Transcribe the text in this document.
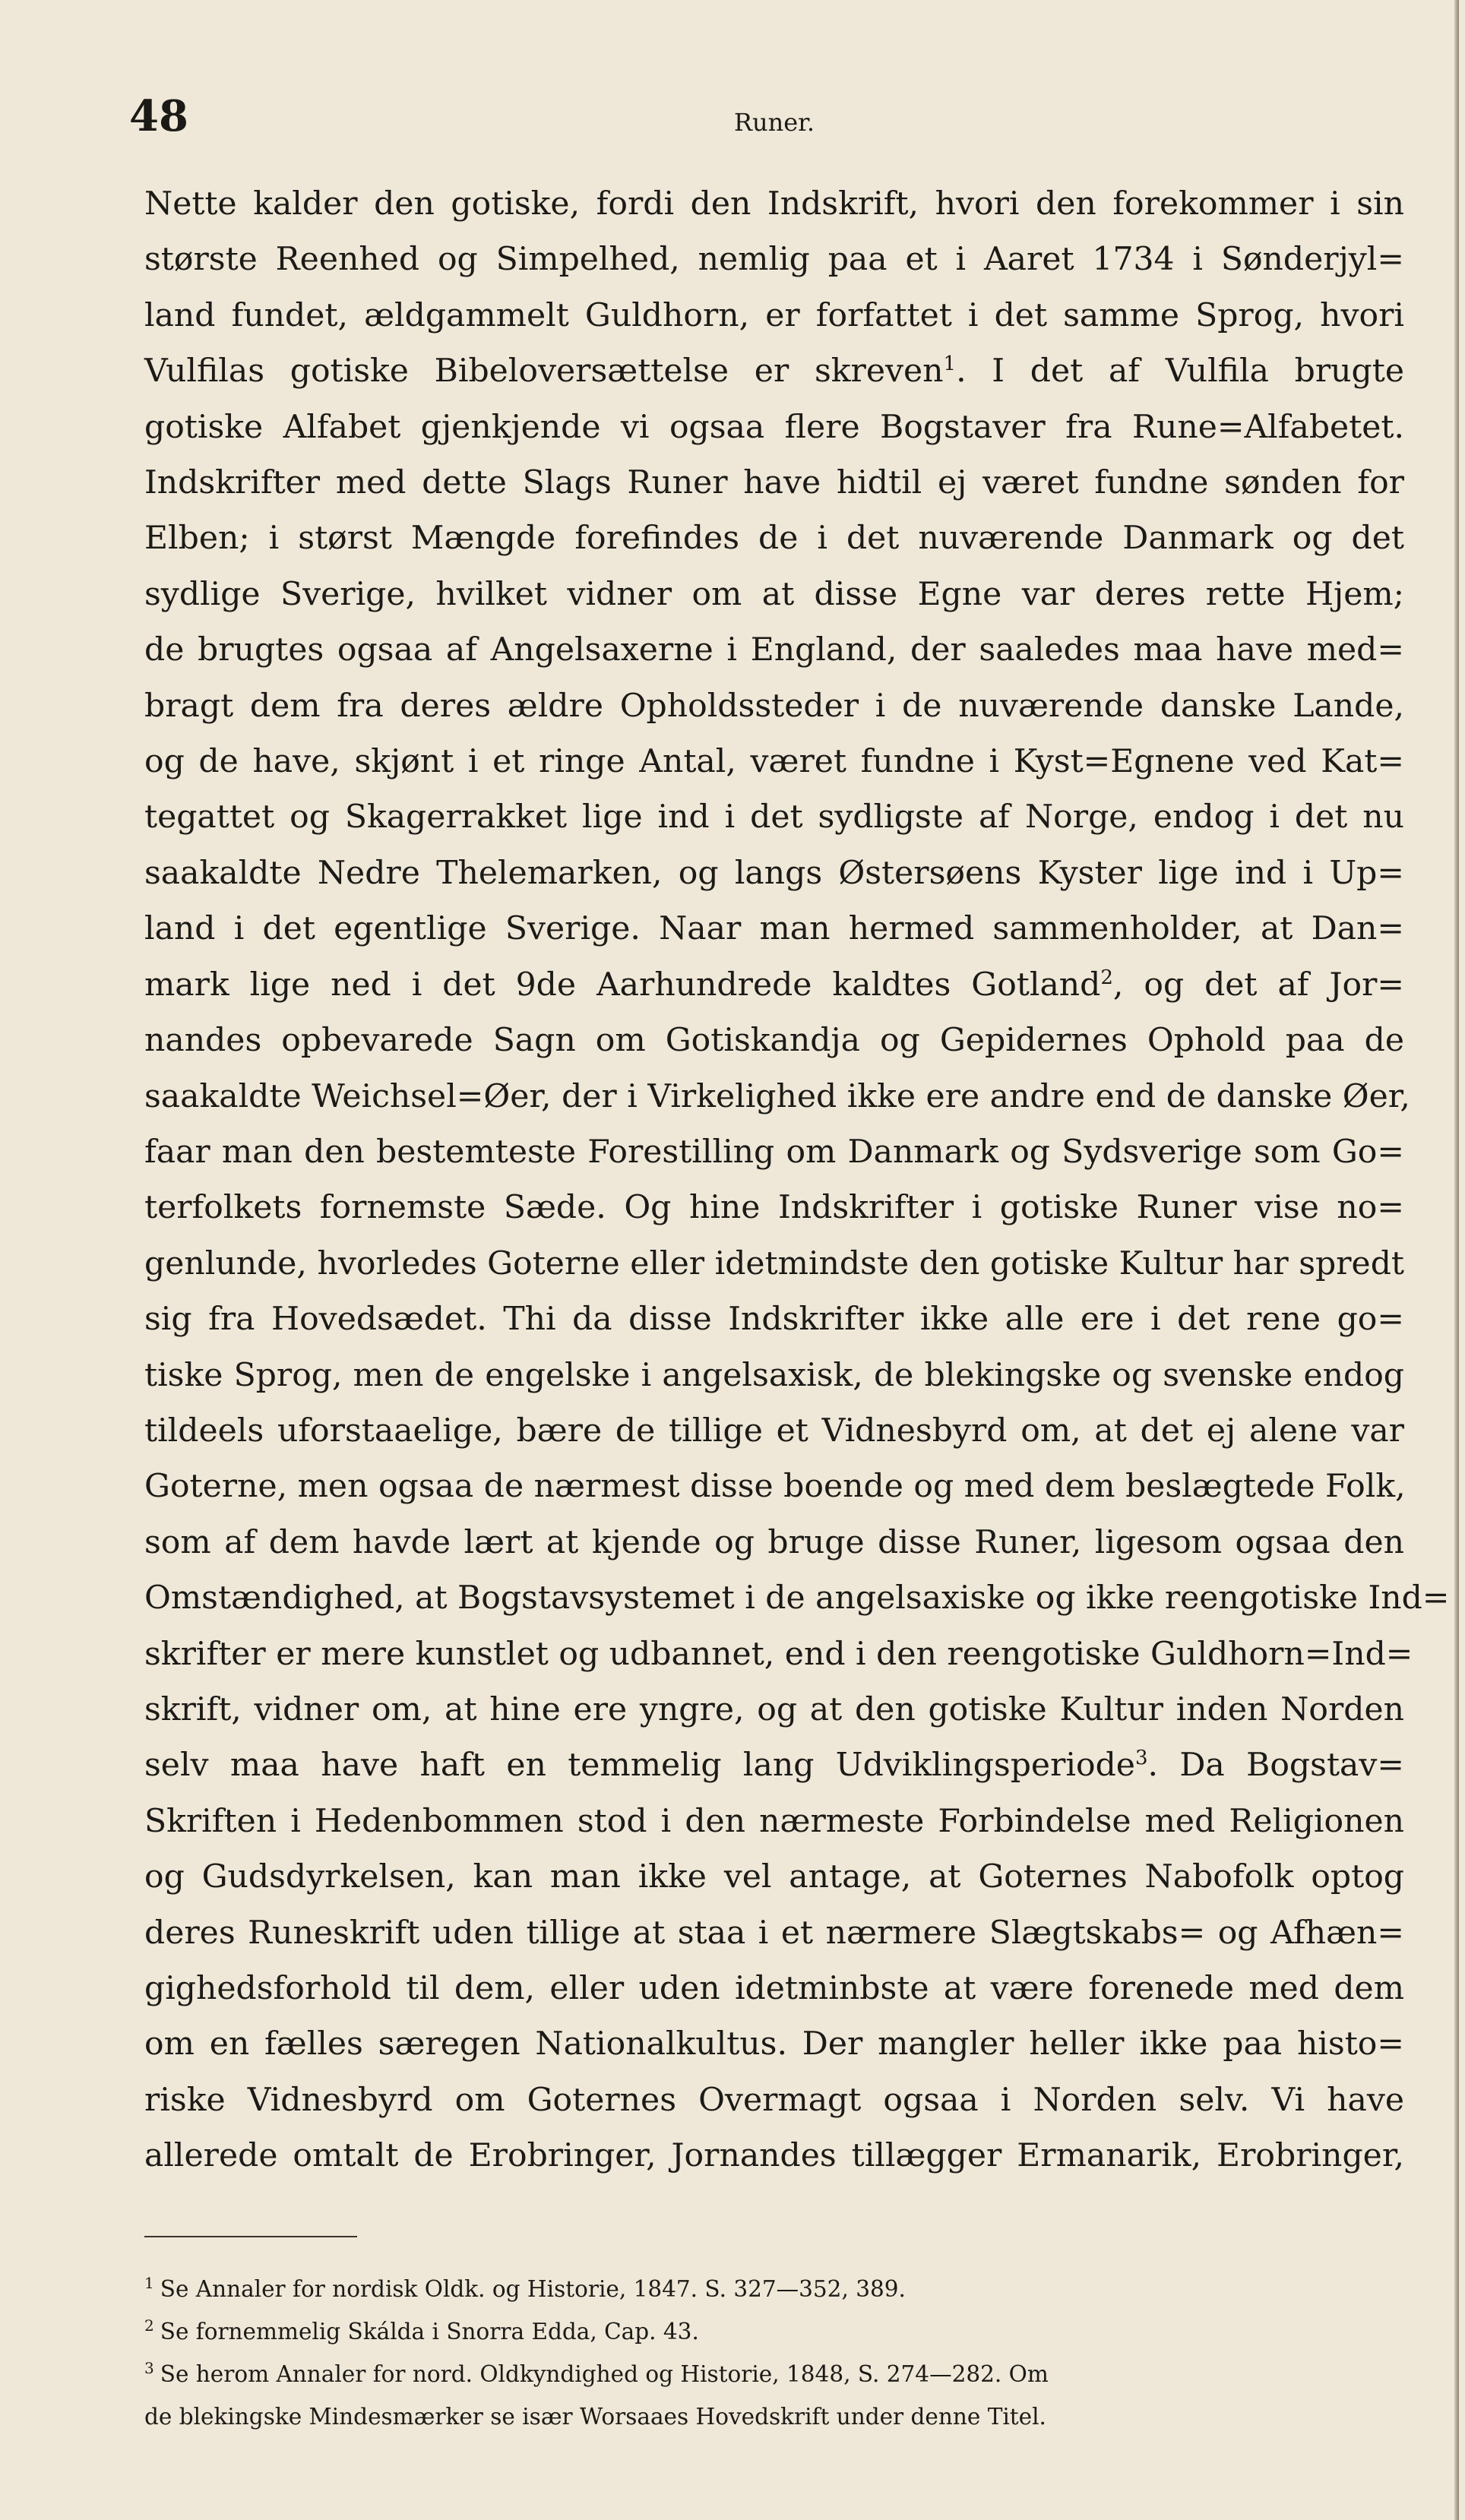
48	Runer.

Nette kalder den gotiske, fordi den Indskrift, hvori den forekommer i sin

største Reenhed og Simpelhed, nemlig paa et i Aaret 1734 i Sønderjyl=

land fundet, ældgammelt Guldhorn, er forfattet i det samme Sprog, hvori

Vulfilas gotiske Bibeloversættelse er skreven$^1$. I det af Vulfila brugte

gotiske Alfabet gjenkjende vi ogsaa flere Bogstaver fra Rune=Alfabetet.

Indskrifter med dette Slags Runer have hidtil ej været fundne sønden for

Elben; i størst Mængde forefindes de i det nuværende Danmark og det

sydlige Sverige, hvilket vidner om at disse Egne var deres rette Hjem;

de brugtes ogsaa af Angelsaxerne i England, der saaledes maa have med=

bragt dem fra deres ældre Opholdssteder i de nuværende danske Lande,

og de have, skjønt i et ringe Antal, været fundne i Kyst=Egnene ved Kat=

tegattet og Skagerrakket lige ind i det sydligste af Norge, endog i det nu

saakaldte Nedre Thelemarken, og langs Østersøens Kyster lige ind i Up=

land i det egentlige Sverige. Naar man hermed sammenholder, at Dan=

mark lige ned i det 9de Aarhundrede kaldtes Gotland$^2$, og det af Jor=

nandes opbevarede Sagn om Gotiskandja og Gepidernes Ophold paa de

saakaldte Weichsel=Øer, der i Virkelighed ikke ere andre end de danske Øer,

faar man den bestemteste Forestilling om Danmark og Sydsverige som Go=

terfolkets fornemste Sæde. Og hine Indskrifter i gotiske Runer vise no=

genlunde, hvorledes Goterne eller idetmindste den gotiske Kultur har spredt

sig fra Hovedsædet. Thi da disse Indskrifter ikke alle ere i det rene go=

tiske Sprog, men de engelske i angelsaxisk, de blekingske og svenske endog

tildeels uforstaaelige, bære de tillige et Vidnesbyrd om, at det ej alene var

Goterne, men ogsaa de nærmest disse boende og med dem beslægtede Folk,

som af dem havde lært at kjende og bruge disse Runer, ligesom ogsaa den

Omstændighed, at Bogstavsystemet i de angelsaxiske og ikke reengotiske Ind=

skrifter er mere kunstlet og udbannet, end i den reengotiske Guldhorn=Ind=

skrift, vidner om, at hine ere yngre, og at den gotiske Kultur inden Norden

selv maa have haft en temmelig lang Udviklingsperiode$^3$. Da Bogstav=

Skriften i Hedenbommen stod i den nærmeste Forbindelse med Religionen

og Gudsdyrkelsen, kan man ikke vel antage, at Goternes Nabofolk optog

deres Runeskrift uden tillige at staa i et nærmere Slægtskabs= og Afhæn=

gighedsforhold til dem, eller uden idetminbste at være forenede med dem

om en fælles særegen Nationalkultus. Der mangler heller ikke paa histo=

riske Vidnesbyrd om Goternes Overmagt ogsaa i Norden selv. Vi have

allerede omtalt de Erobringer, Jornandes tillægger Ermanarik, Erobringer,

$^1$ Se Annaler for nordisk Oldk. og Historie, 1847. S. 327—352, 389.

$^2$ Se fornemmelig Skálda i Snorra Edda, Cap. 43.

$^3$ Se herom Annaler for nord. Oldkyndighed og Historie, 1848, S. 274—282. Om

de blekingske Mindesmærker se især Worsaaes Hovedskrift under denne Titel.
